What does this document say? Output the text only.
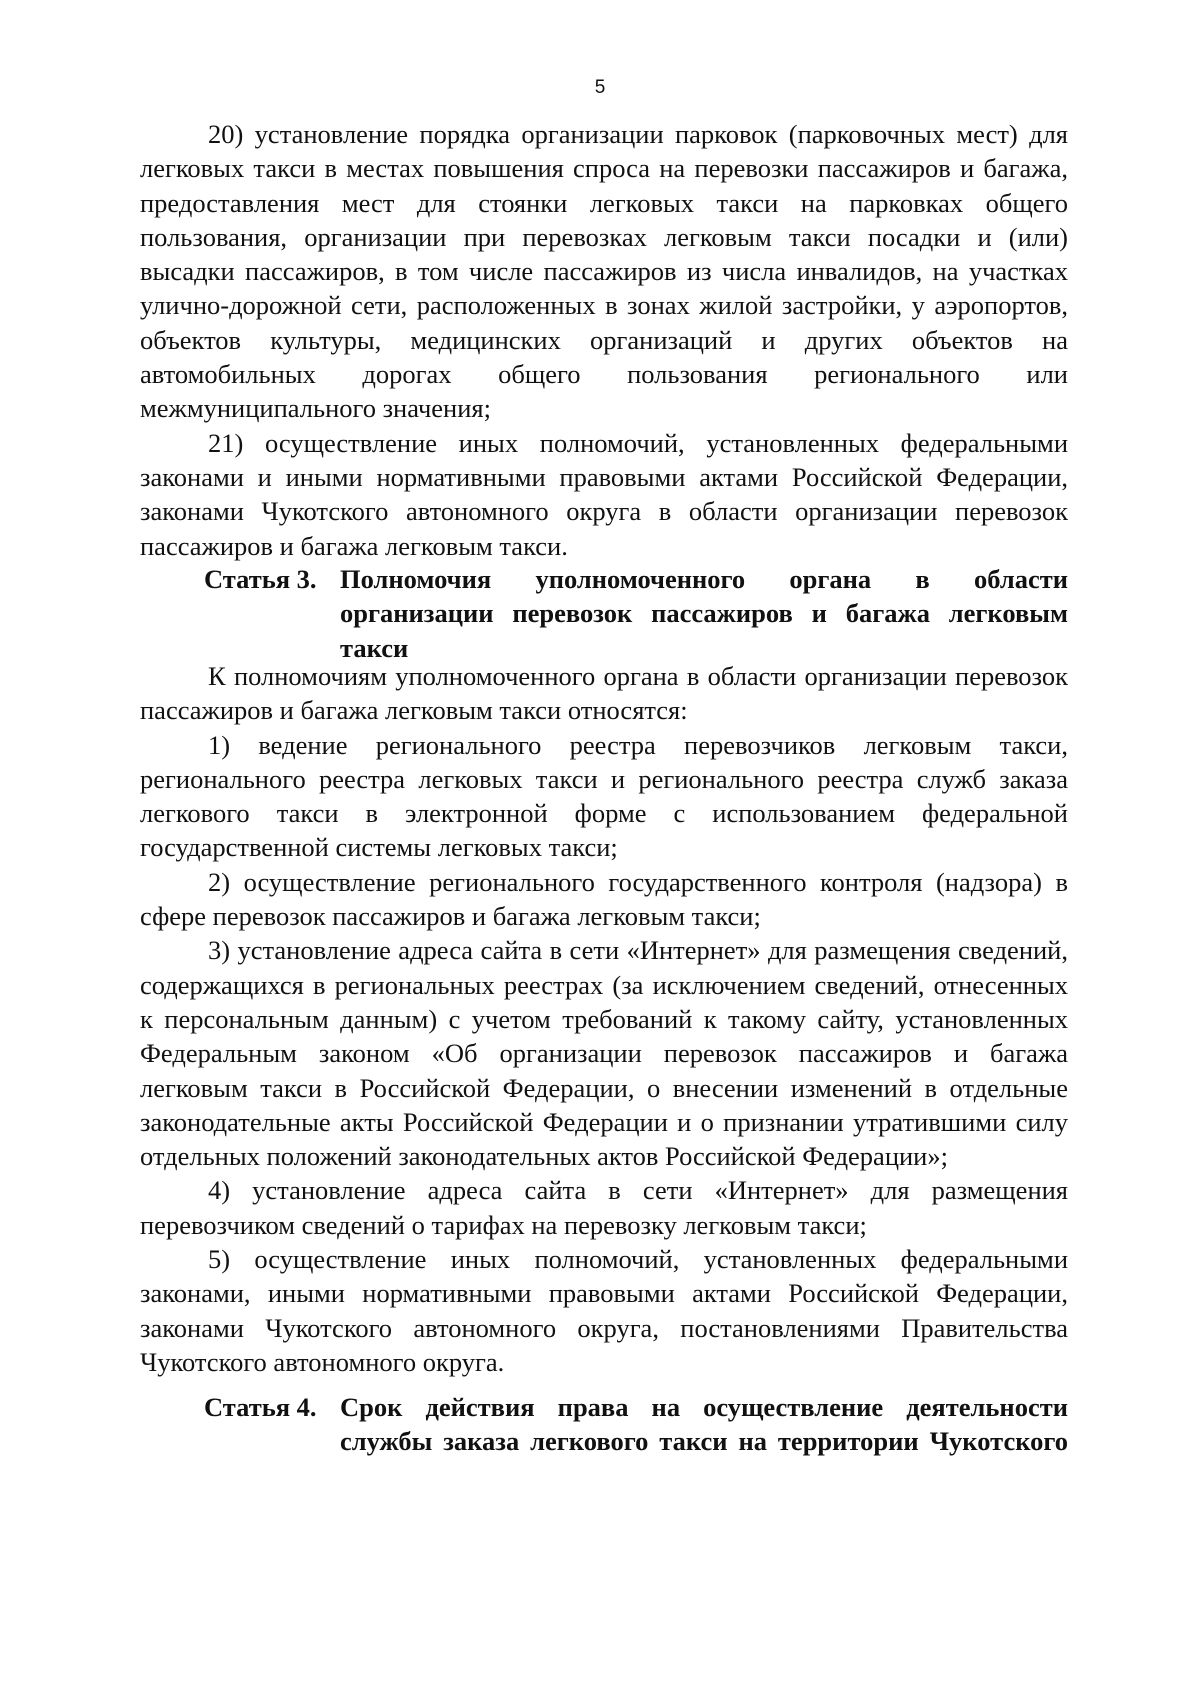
5

20) установление порядка организации парковок (парковочных мест) для легковых такси в местах повышения спроса на перевозки пассажиров и багажа, предоставления мест для стоянки легковых такси на парковках общего пользования, организации при перевозках легковым такси посадки и (или) высадки пассажиров, в том числе пассажиров из числа инвалидов, на участках улично-дорожной сети, расположенных в зонах жилой застройки, у аэропортов, объектов культуры, медицинских организаций и других объектов на автомобильных дорогах общего пользования регионального или межмуниципального значения;

21) осуществление иных полномочий, установленных федеральными законами и иными нормативными правовыми актами Российской Федерации, законами Чукотского автономного округа в области организации перевозок пассажиров и багажа легковым такси.

Статья 3. Полномочия уполномоченного органа в области организации перевозок пассажиров и багажа легковым такси

К полномочиям уполномоченного органа в области организации перевозок пассажиров и багажа легковым такси относятся:

1) ведение регионального реестра перевозчиков легковым такси, регионального реестра легковых такси и регионального реестра служб заказа легкового такси в электронной форме с использованием федеральной государственной системы легковых такси;

2) осуществление регионального государственного контроля (надзора) в сфере перевозок пассажиров и багажа легковым такси;

3) установление адреса сайта в сети «Интернет» для размещения сведений, содержащихся в региональных реестрах (за исключением сведений, отнесенных к персональным данным) с учетом требований к такому сайту, установленных Федеральным законом «Об организации перевозок пассажиров и багажа легковым такси в Российской Федерации, о внесении изменений в отдельные законодательные акты Российской Федерации и о признании утратившими силу отдельных положений законодательных актов Российской Федерации»;

4) установление адреса сайта в сети «Интернет» для размещения перевозчиком сведений о тарифах на перевозку легковым такси;

5) осуществление иных полномочий, установленных федеральными законами, иными нормативными правовыми актами Российской Федерации, законами Чукотского автономного округа, постановлениями Правительства Чукотского автономного округа.

Статья 4. Срок действия права на осуществление деятельности службы заказа легкового такси на территории Чукотского
